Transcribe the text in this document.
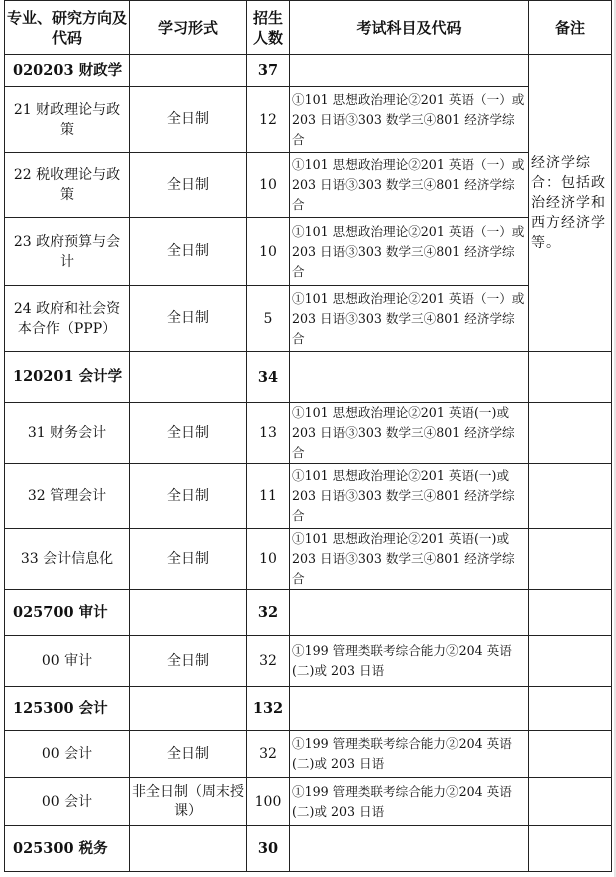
专业、研究方向及代码	学习形式	招生人数	考试科目及代码	备注
020203 财政学		37		经济学综合：包括政治经济学和西方经济学等。
21 财政理论与政策	全日制	12	①101 思想政治理论②201 英语（一）或 203 日语③303 数学三④801 经济学综合	
22 税收理论与政策	全日制	10	①101 思想政治理论②201 英语（一）或 203 日语③303 数学三④801 经济学综合	
23 政府预算与会计	全日制	10	①101 思想政治理论②201 英语（一）或 203 日语③303 数学三④801 经济学综合	
24 政府和社会资本合作（PPP）	全日制	5	①101 思想政治理论②201 英语（一）或 203 日语③303 数学三④801 经济学综合	
120201 会计学		34		
31 财务会计	全日制	13	①101 思想政治理论②201 英语(一)或 203 日语③303 数学三④801 经济学综合	
32 管理会计	全日制	11	①101 思想政治理论②201 英语(一)或 203 日语③303 数学三④801 经济学综合	
33 会计信息化	全日制	10	①101 思想政治理论②201 英语(一)或 203 日语③303 数学三④801 经济学综合	
025700 审计		32		
00 审计	全日制	32	①199 管理类联考综合能力②204 英语(二)或 203 日语	
125300 会计		132		
00 会计	全日制	32	①199 管理类联考综合能力②204 英语(二)或 203 日语	
00 会计	非全日制（周末授课）	100	①199 管理类联考综合能力②204 英语(二)或 203 日语	
025300 税务		30		
